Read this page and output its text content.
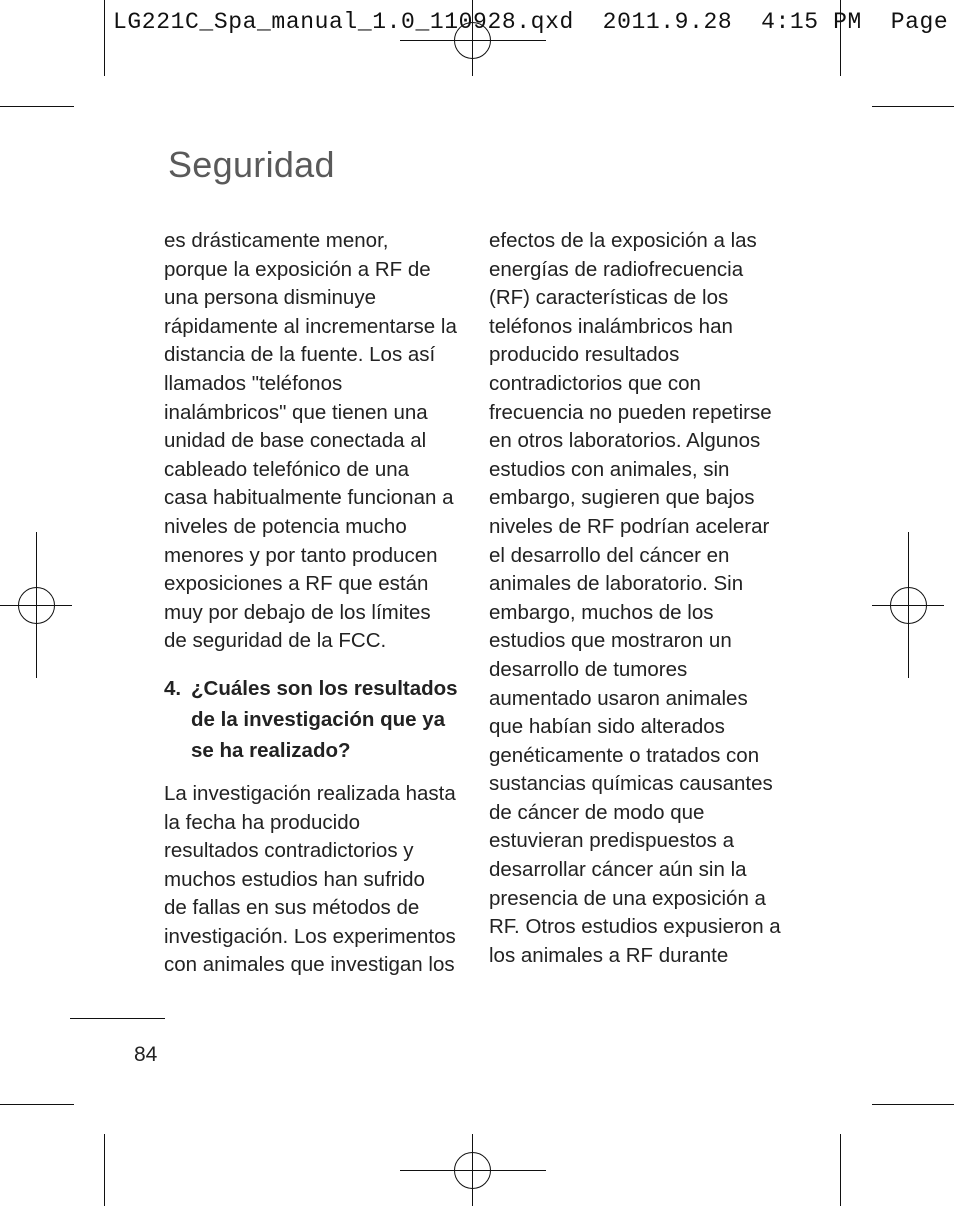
LG221C_Spa_manual_1.0_110928.qxd  2011.9.28  4:15 PM  Page
Seguridad
es drásticamente menor,
porque la exposición a RF de
una persona disminuye
rápidamente al incrementarse la
distancia de la fuente. Los así
llamados "teléfonos
inalámbricos" que tienen una
unidad de base conectada al
cableado telefónico de una
casa habitualmente funcionan a
niveles de potencia mucho
menores y por tanto producen
exposiciones a RF que están
muy por debajo de los límites
de seguridad de la FCC.
4. ¿Cuáles son los resultados
de la investigación que ya
se ha realizado?
La investigación realizada hasta
la fecha ha producido
resultados contradictorios y
muchos estudios han sufrido
de fallas en sus métodos de
investigación. Los experimentos
con animales que investigan los
efectos de la exposición a las
energías de radiofrecuencia
(RF) características de los
teléfonos inalámbricos han
producido resultados
contradictorios que con
frecuencia no pueden repetirse
en otros laboratorios. Algunos
estudios con animales, sin
embargo, sugieren que bajos
niveles de RF podrían acelerar
el desarrollo del cáncer en
animales de laboratorio. Sin
embargo, muchos de los
estudios que mostraron un
desarrollo de tumores
aumentado usaron animales
que habían sido alterados
genéticamente o tratados con
sustancias químicas causantes
de cáncer de modo que
estuvieran predispuestos a
desarrollar cáncer aún sin la
presencia de una exposición a
RF. Otros estudios expusieron a
los animales a RF durante
84
